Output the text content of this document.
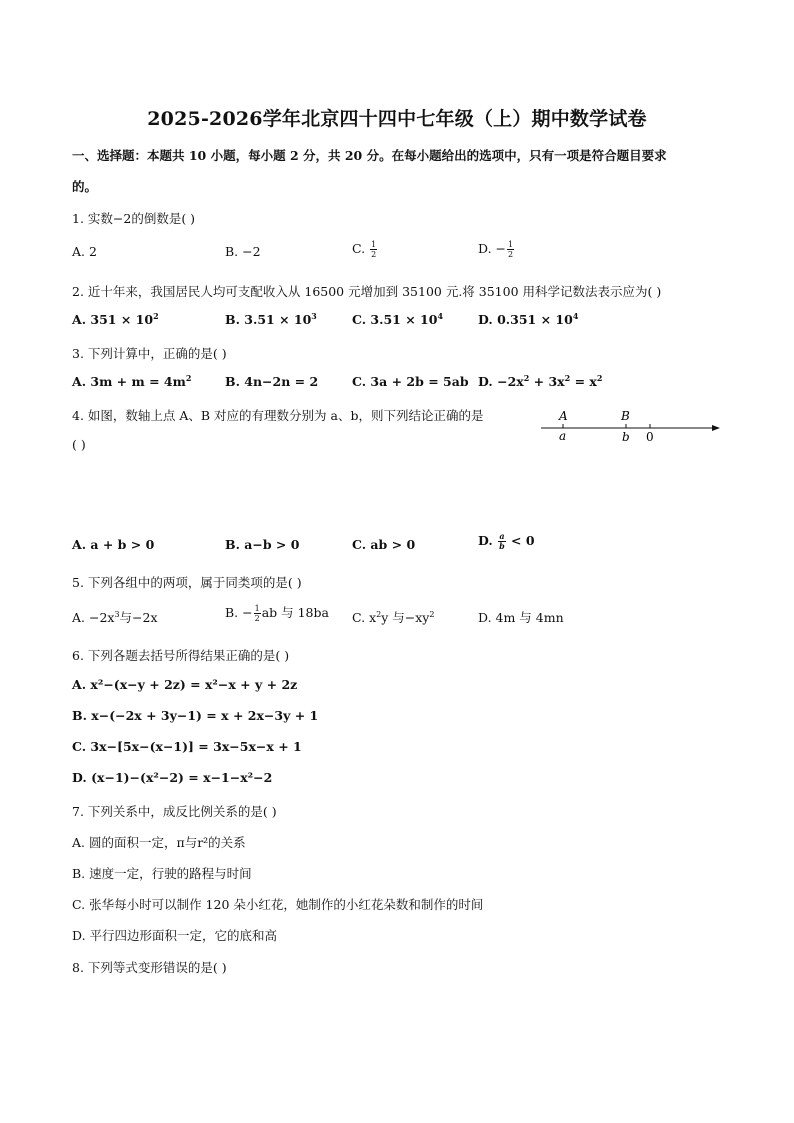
2025-2026学年北京四十四中七年级（上）期中数学试卷
一、选择题：本题共 10 小题，每小题 2 分，共 20 分。在每小题给出的选项中，只有一项是符合题目要求
的。
1. 实数−2的倒数是( )
A. 2	B. −2	C. $\frac{1}{2}$	D. − $\frac{1}{2}$
2. 近十年来，我国居民人均可支配收入从 16500 元增加到 35100 元.将 35100 用科学记数法表示应为( )
A. $351 \times 10^2$	B. $3.51 \times 10^3$	C. $3.51 \times 10^4$	D. $0.351 \times 10^4$
3. 下列计算中，正确的是( )
A. $3m + m = 4m^2$	B. 4n−2n = 2	C. 3a + 2b = 5ab D. $-2x^2 + 3x^2 = x^2$
4. 如图，数轴上点 A、B 对应的有理数分别为 a、b，则下列结论正确的是
( )
A	B
a	b 0
A. a + b > 0	B. a−b > 0	C. ab > 0	D. $\frac{a}{b} < 0$
5. 下列各组中的两项，属于同类项的是( )
A. $-2x^3$与−2x	B. − $\frac{1}{2}$ ab 与 18ba C. $x^2y$ 与$-xy^2$	D. 4m 与 4mn
6. 下列各题去括号所得结果正确的是( )
A. x²−(x−y + 2z) = x²−x + y + 2z
B. x−(−2x + 3y−1) = x + 2x−3y + 1
C. 3x−[5x−(x−1)] = 3x−5x−x + 1
D. (x−1)−(x²−2) = x−1−x²−2
7. 下列关系中，成反比例关系的是( )
A. 圆的面积一定，π与r²的关系
B. 速度一定，行驶的路程与时间
C. 张华每小时可以制作 120 朵小红花，她制作的小红花朵数和制作的时间
D. 平行四边形面积一定，它的底和高
8. 下列等式变形错误的是( )
